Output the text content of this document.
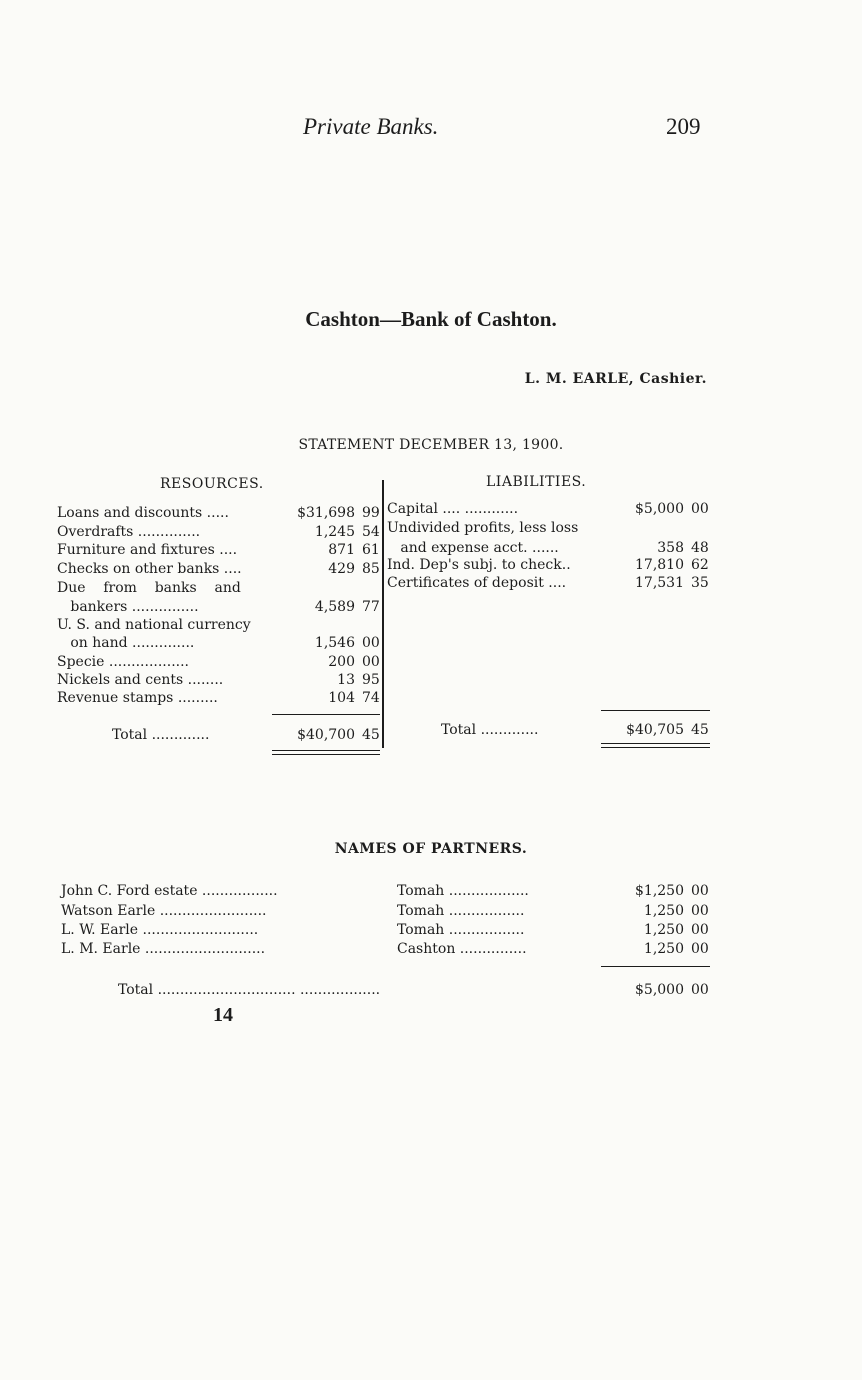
Private Banks.	209
Cashton—Bank of Cashton.
L. M. EARLE, Cashier.
STATEMENT DECEMBER 13, 1900.
RESOURCES.
Loans and discounts .....	$31,698 99
Overdrafts ..............	1,245 54
Furniture and fixtures ....	871 61
Checks on other banks ....	429 85
Due    from    banks    and
bankers ...............	4,589 77
U. S. and national currency
on hand ..............	1,546 00
Specie ..................	200 00
Nickels and cents ........	13 95
Revenue stamps .........	104 74
LIABILITIES.
Capital .... ............	$5,000 00
Undivided profits, less loss
and expense acct. ......	358 48
Ind. Dep's subj. to check..	17,810 62
Certificates of deposit ....	17,531 35
Total .............	$40,700 45	Total .............	$40,705 45
NAMES OF PARTNERS.
John C. Ford estate .................	Tomah ..................	$1,250 00
Watson Earle ........................	Tomah .................	1,250 00
L. W. Earle ..........................	Tomah .................	1,250 00
L. M. Earle ...........................	Cashton ...............	1,250 00
Total ............................... ..................	$5,000 00
14
